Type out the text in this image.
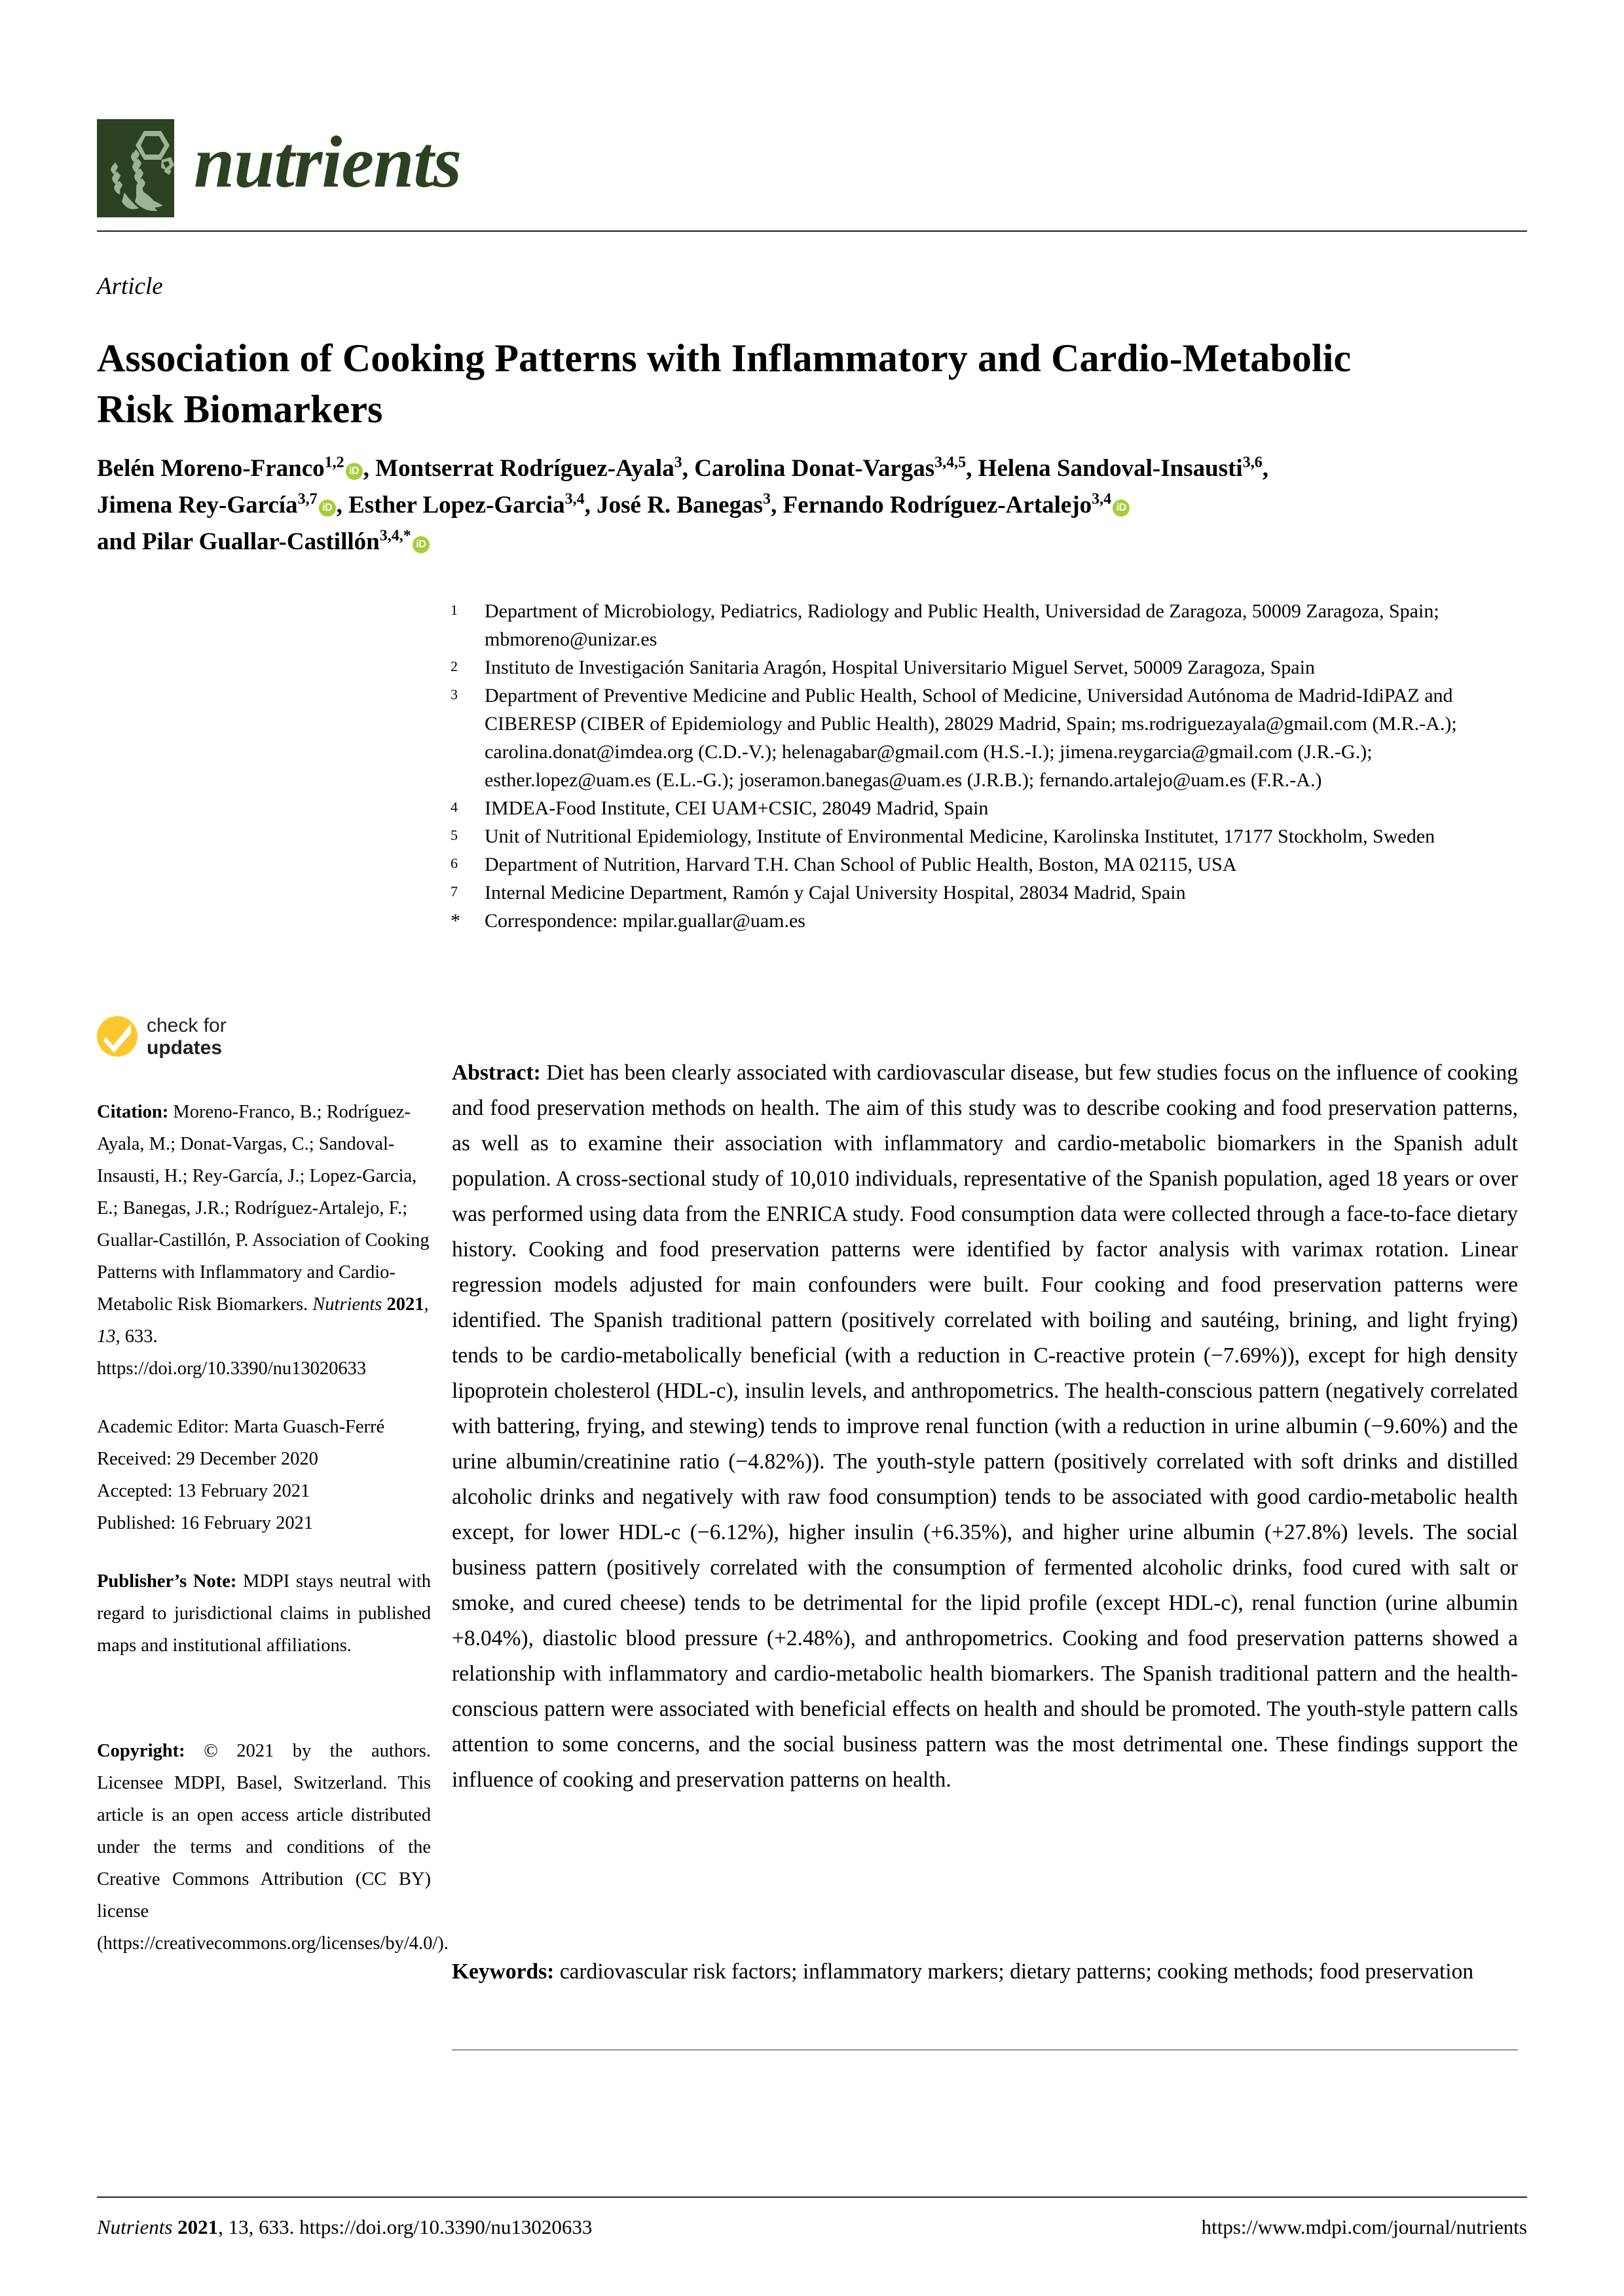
nutrients
Article
Association of Cooking Patterns with Inflammatory and Cardio-Metabolic Risk Biomarkers
Belén Moreno-Franco$^{1,2}$ iD , Montserrat Rodríguez-Ayala$^3$, Carolina Donat-Vargas$^{3,4,5}$, Helena Sandoval-Insausti$^{3,6}$,
Jimena Rey-García$^{3,7}$ iD , Esther Lopez-Garcia$^{3,4}$, José R. Banegas$^3$, Fernando Rodríguez-Artalejo$^{3,4}$ iD
and Pilar Guallar-Castillón$^{3,4,*}$ iD
1	Department of Microbiology, Pediatrics, Radiology and Public Health, Universidad de Zaragoza, 50009 Zaragoza, Spain; mbmoreno@unizar.es
2	Instituto de Investigación Sanitaria Aragón, Hospital Universitario Miguel Servet, 50009 Zaragoza, Spain
3	Department of Preventive Medicine and Public Health, School of Medicine, Universidad Autónoma de Madrid-IdiPAZ and CIBERESP (CIBER of Epidemiology and Public Health), 28029 Madrid, Spain; ms.rodriguezayala@gmail.com (M.R.-A.); carolina.donat@imdea.org (C.D.-V.); helenagabar@gmail.com (H.S.-I.); jimena.reygarcia@gmail.com (J.R.-G.); esther.lopez@uam.es (E.L.-G.); joseramon.banegas@uam.es (J.R.B.); fernando.artalejo@uam.es (F.R.-A.)
4	IMDEA-Food Institute, CEI UAM+CSIC, 28049 Madrid, Spain
5	Unit of Nutritional Epidemiology, Institute of Environmental Medicine, Karolinska Institutet, 17177 Stockholm, Sweden
6	Department of Nutrition, Harvard T.H. Chan School of Public Health, Boston, MA 02115, USA
7	Internal Medicine Department, Ramón y Cajal University Hospital, 28034 Madrid, Spain
*	Correspondence: mpilar.guallar@uam.es
check for
updates
Citation: Moreno-Franco, B.; Rodríguez-Ayala, M.; Donat-Vargas, C.; Sandoval-Insausti, H.; Rey-García, J.; Lopez-Garcia, E.; Banegas, J.R.; Rodríguez-Artalejo, F.; Guallar-Castillón, P. Association of Cooking Patterns with Inflammatory and Cardio-Metabolic Risk Biomarkers. Nutrients 2021, 13, 633. https://doi.org/10.3390/nu13020633
Academic Editor: Marta Guasch-Ferré
Received: 29 December 2020
Accepted: 13 February 2021
Published: 16 February 2021
Publisher’s Note: MDPI stays neutral with regard to jurisdictional claims in published maps and institutional affiliations.
Copyright: © 2021 by the authors. Licensee MDPI, Basel, Switzerland. This article is an open access article distributed under the terms and conditions of the Creative Commons Attribution (CC BY) license (https://creativecommons.org/licenses/by/4.0/).
Abstract: Diet has been clearly associated with cardiovascular disease, but few studies focus on the influence of cooking and food preservation methods on health. The aim of this study was to describe cooking and food preservation patterns, as well as to examine their association with inflammatory and cardio-metabolic biomarkers in the Spanish adult population. A cross-sectional study of 10,010 individuals, representative of the Spanish population, aged 18 years or over was performed using data from the ENRICA study. Food consumption data were collected through a face-to-face dietary history. Cooking and food preservation patterns were identified by factor analysis with varimax rotation. Linear regression models adjusted for main confounders were built. Four cooking and food preservation patterns were identified. The Spanish traditional pattern (positively correlated with boiling and sautéing, brining, and light frying) tends to be cardio-metabolically beneficial (with a reduction in C-reactive protein (−7.69%)), except for high density lipoprotein cholesterol (HDL-c), insulin levels, and anthropometrics. The health-conscious pattern (negatively correlated with battering, frying, and stewing) tends to improve renal function (with a reduction in urine albumin (−9.60%) and the urine albumin/creatinine ratio (−4.82%)). The youth-style pattern (positively correlated with soft drinks and distilled alcoholic drinks and negatively with raw food consumption) tends to be associated with good cardio-metabolic health except, for lower HDL-c (−6.12%), higher insulin (+6.35%), and higher urine albumin (+27.8%) levels. The social business pattern (positively correlated with the consumption of fermented alcoholic drinks, food cured with salt or smoke, and cured cheese) tends to be detrimental for the lipid profile (except HDL-c), renal function (urine albumin +8.04%), diastolic blood pressure (+2.48%), and anthropometrics. Cooking and food preservation patterns showed a relationship with inflammatory and cardio-metabolic health biomarkers. The Spanish traditional pattern and the health-conscious pattern were associated with beneficial effects on health and should be promoted. The youth-style pattern calls attention to some concerns, and the social business pattern was the most detrimental one. These findings support the influence of cooking and preservation patterns on health.
Keywords: cardiovascular risk factors; inflammatory markers; dietary patterns; cooking methods; food preservation
Nutrients 2021, 13, 633. https://doi.org/10.3390/nu13020633	https://www.mdpi.com/journal/nutrients
